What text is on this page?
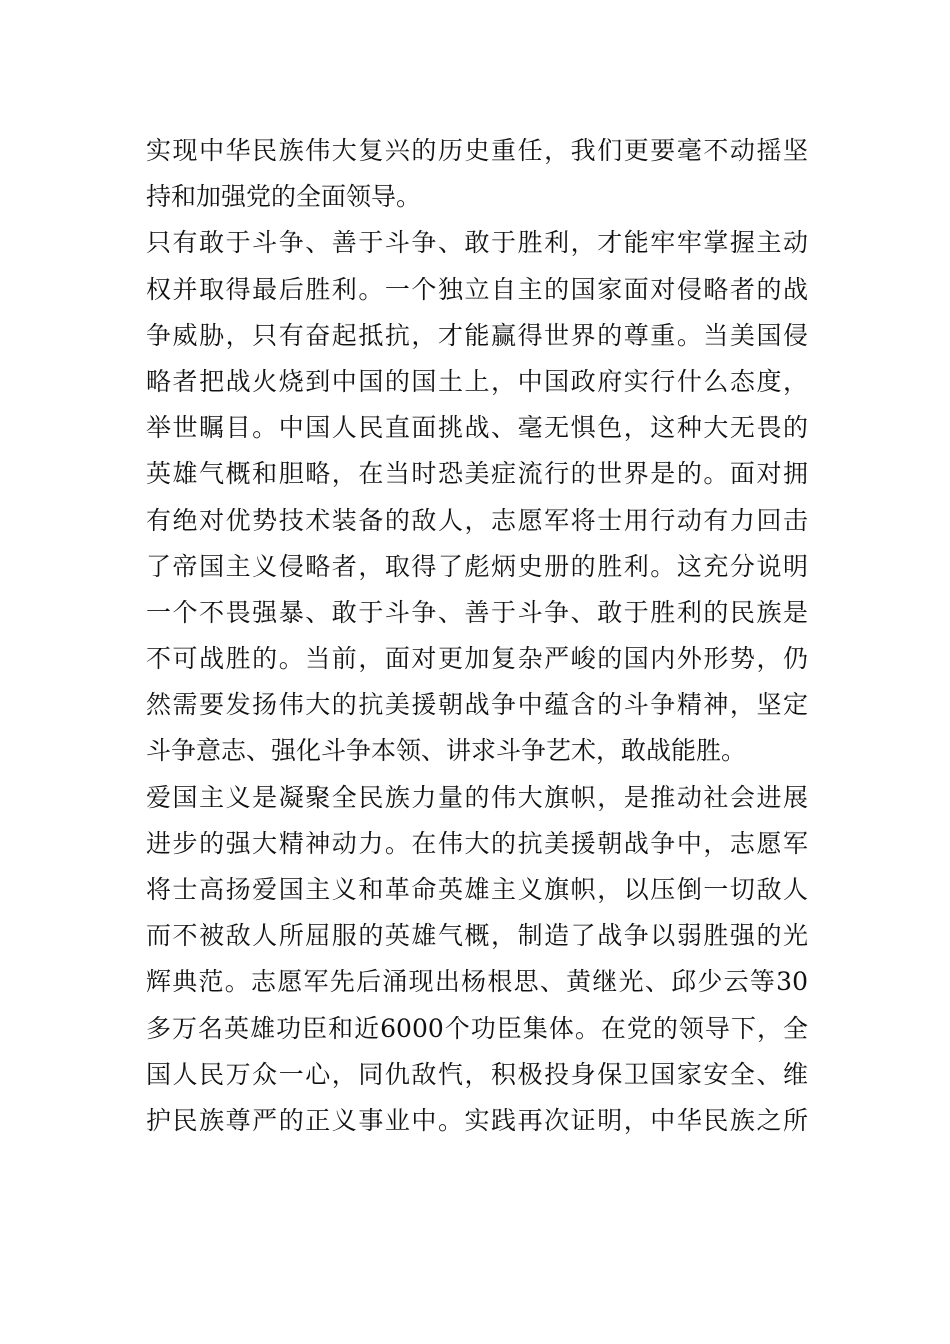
实现中华民族伟大复兴的历史重任，我们更要毫不动摇坚
持和加强党的全面领导。
只有敢于斗争、善于斗争、敢于胜利，才能牢牢掌握主动
权并取得最后胜利。一个独立自主的国家面对侵略者的战
争威胁，只有奋起抵抗，才能赢得世界的尊重。当美国侵
略者把战火烧到中国的国土上，中国政府实行什么态度，
举世瞩目。中国人民直面挑战、毫无惧色，这种大无畏的
英雄气概和胆略，在当时恐美症流行的世界是的。面对拥
有绝对优势技术装备的敌人，志愿军将士用行动有力回击
了帝国主义侵略者，取得了彪炳史册的胜利。这充分说明
一个不畏强暴、敢于斗争、善于斗争、敢于胜利的民族是
不可战胜的。当前，面对更加复杂严峻的国内外形势，仍
然需要发扬伟大的抗美援朝战争中蕴含的斗争精神，坚定
斗争意志、强化斗争本领、讲求斗争艺术，敢战能胜。
爱国主义是凝聚全民族力量的伟大旗帜，是推动社会进展
进步的强大精神动力。在伟大的抗美援朝战争中，志愿军
将士高扬爱国主义和革命英雄主义旗帜，以压倒一切敌人
而不被敌人所屈服的英雄气概，制造了战争以弱胜强的光
辉典范。志愿军先后涌现出杨根思、黄继光、邱少云等30
多万名英雄功臣和近6000个功臣集体。在党的领导下，全
国人民万众一心，同仇敌忾，积极投身保卫国家安全、维
护民族尊严的正义事业中。实践再次证明，中华民族之所
